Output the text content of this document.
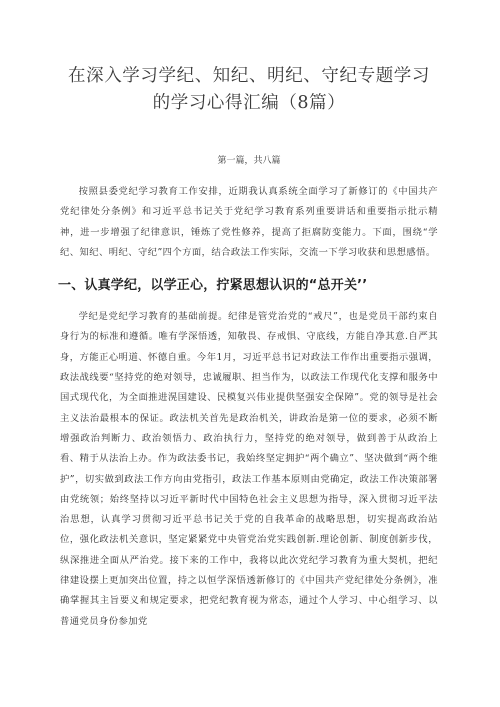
在深入学习学纪、知纪、明纪、守纪专题学习的学习心得汇编（8篇）
第一篇，共八篇

按照县委党纪学习教育工作安排，近期我认真系统全面学习了新修订的《中国共产党纪律处分条例》和习近平总书记关于党纪学习教育系列重要讲话和重要指示批示精神，进一步增强了纪律意识，锤炼了党性修养，提高了拒腐防变能力。下面，围绕“学纪、知纪、明纪、守纪”四个方面，结合政法工作实际，交流一下学习收获和思想感悟。

一、认真学纪，以学正心，拧紧思想认识的“总开关’’

学纪是党纪学习教育的基础前提。纪律是管党治党的“戒尺”，也是党员干部约束自身行为的标准和遵循。唯有学深悟透，知敬畏、存戒惧、守底线，方能自净其意.自严其身，方能正心明道、怀德自重。今年1月，习近平总书记对政法工作作出重要指示强调，政法战线要“坚持党的绝对领导，忠诚履职、担当作为，以政法工作现代化支撑和服务中国式现代化，为全面推进滉国建设、民模复兴伟业提供坚强安全保障”。党的领导是社会主义法治最根本的保证。政法机关首先是政治机关，讲政治是第一位的要求，必须不断增强政治判断力、政治领悟力、政治执行力，坚持党的绝对领导，做到善于从政治上看、精于从法治上办。作为政法委书记，我始终坚定拥护“两个确立”、坚决做到“两个维护”，切实做到政法工作方向由党指引，政法工作基本原则由党确定，政法工作决策部署由党统领；始终坚持以习近平新时代中国特色社会主义思想为指导，深入贯彻习近平法治思想，认真学习贯彻习近平总书记关于党的自我革命的战略思想，切实提高政治站位，强化政法机关意识，坚定紧紧党中央管党治党实践创新.理论创新、制度创新步伐，纵深推进全面从严治党。接下来的工作中，我将以此次党纪学习教育为重大契机，把纪律建设摆上更加突出位置，持之以恒学深悟透新修订的《中国共产党纪律处分条例》，准确掌握其主旨要义和规定要求，把党纪教育视为常态，通过个人学习、中心组学习、以普通党员身份参加党
